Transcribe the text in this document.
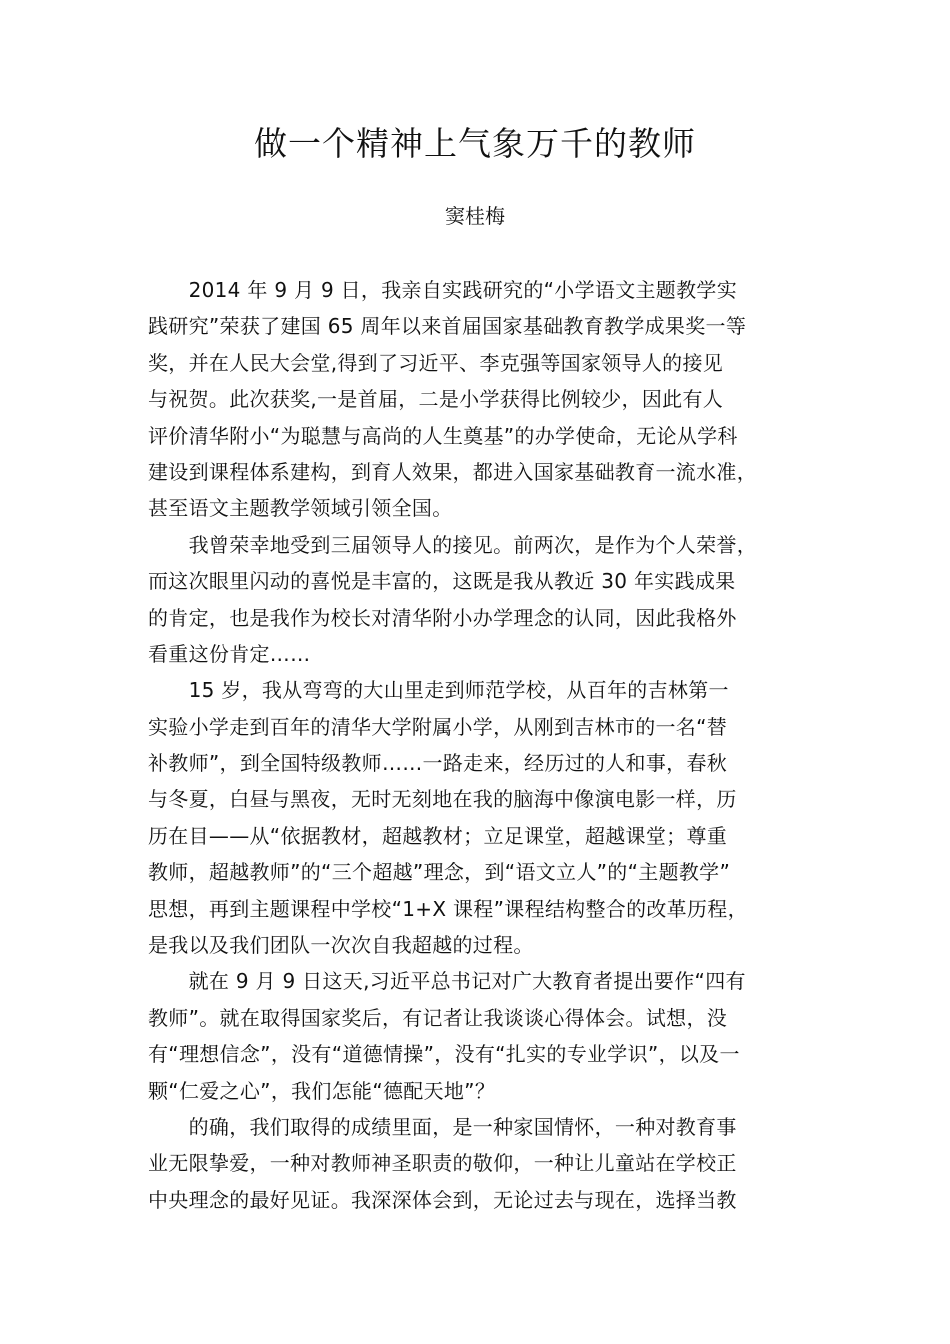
做一个精神上气象万千的教师
窦桂梅
　　2014 年 9 月 9 日，我亲自实践研究的“小学语文主题教学实
践研究”荣获了建国 65 周年以来首届国家基础教育教学成果奖一等
奖，并在人民大会堂,得到了习近平、李克强等国家领导人的接见
与祝贺。此次获奖,一是首届，二是小学获得比例较少，因此有人
评价清华附小“为聪慧与高尚的人生奠基”的办学使命，无论从学科
建设到课程体系建构，到育人效果，都进入国家基础教育一流水准，
甚至语文主题教学领域引领全国。
　　我曾荣幸地受到三届领导人的接见。前两次，是作为个人荣誉，
而这次眼里闪动的喜悦是丰富的，这既是我从教近 30 年实践成果
的肯定，也是我作为校长对清华附小办学理念的认同，因此我格外
看重这份肯定……
　　15 岁，我从弯弯的大山里走到师范学校，从百年的吉林第一
实验小学走到百年的清华大学附属小学，从刚到吉林市的一名“替
补教师”，到全国特级教师……一路走来，经历过的人和事，春秋
与冬夏，白昼与黑夜，无时无刻地在我的脑海中像演电影一样，历
历在目——从“依据教材，超越教材；立足课堂，超越课堂；尊重
教师，超越教师”的“三个超越”理念，到“语文立人”的“主题教学”
思想，再到主题课程中学校“1+X 课程”课程结构整合的改革历程，
是我以及我们团队一次次自我超越的过程。
　　就在 9 月 9 日这天,习近平总书记对广大教育者提出要作“四有
教师”。就在取得国家奖后，有记者让我谈谈心得体会。试想，没
有“理想信念”，没有“道德情操”，没有“扎实的专业学识”，以及一
颗“仁爱之心”，我们怎能“德配天地”？
　　的确，我们取得的成绩里面，是一种家国情怀，一种对教育事
业无限挚爱，一种对教师神圣职责的敬仰，一种让儿童站在学校正
中央理念的最好见证。我深深体会到，无论过去与现在，选择当教
